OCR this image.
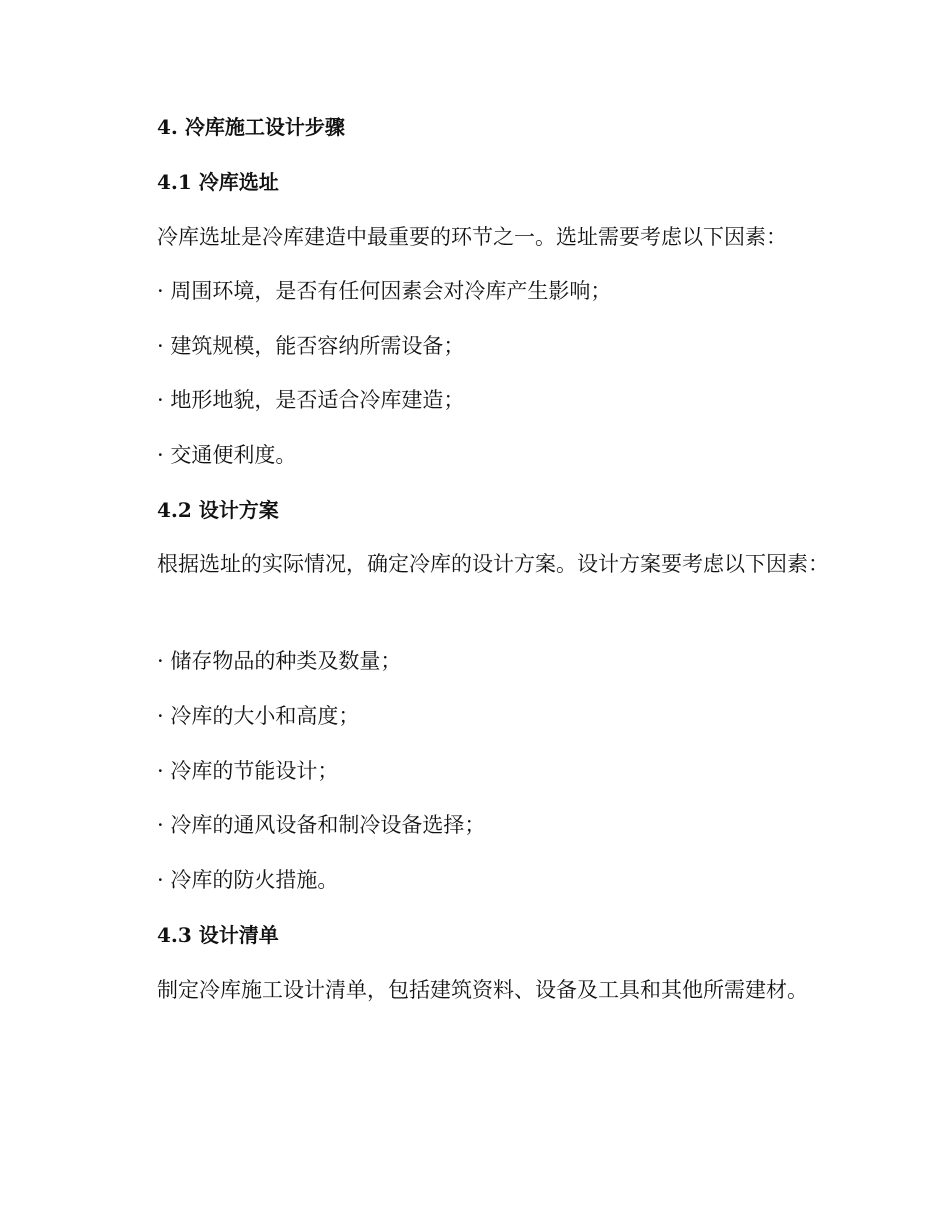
4. 冷库施工设计步骤
4.1 冷库选址
冷库选址是冷库建造中最重要的环节之一。选址需要考虑以下因素：
· 周围环境，是否有任何因素会对冷库产生影响；
· 建筑规模，能否容纳所需设备；
· 地形地貌，是否适合冷库建造；
· 交通便利度。
4.2 设计方案
根据选址的实际情况，确定冷库的设计方案。设计方案要考虑以下因素：
· 储存物品的种类及数量；
· 冷库的大小和高度；
· 冷库的节能设计；
· 冷库的通风设备和制冷设备选择；
· 冷库的防火措施。
4.3 设计清单
制定冷库施工设计清单，包括建筑资料、设备及工具和其他所需建材。
